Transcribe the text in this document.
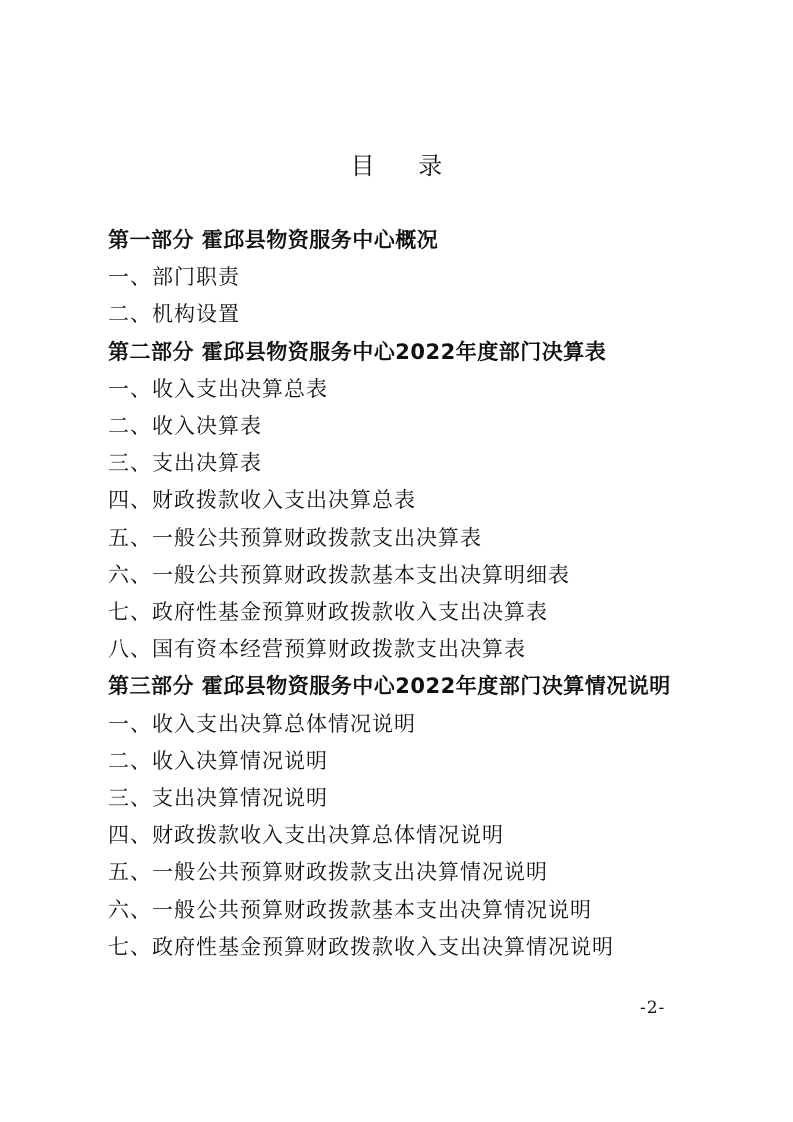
目 录
第一部分 霍邱县物资服务中心概况
一、部门职责
二、机构设置
第二部分 霍邱县物资服务中心2022年度部门决算表
一、收入支出决算总表
二、收入决算表
三、支出决算表
四、财政拨款收入支出决算总表
五、一般公共预算财政拨款支出决算表
六、一般公共预算财政拨款基本支出决算明细表
七、政府性基金预算财政拨款收入支出决算表
八、国有资本经营预算财政拨款支出决算表
第三部分 霍邱县物资服务中心2022年度部门决算情况说明
一、收入支出决算总体情况说明
二、收入决算情况说明
三、支出决算情况说明
四、财政拨款收入支出决算总体情况说明
五、一般公共预算财政拨款支出决算情况说明
六、一般公共预算财政拨款基本支出决算情况说明
七、政府性基金预算财政拨款收入支出决算情况说明
-2-
